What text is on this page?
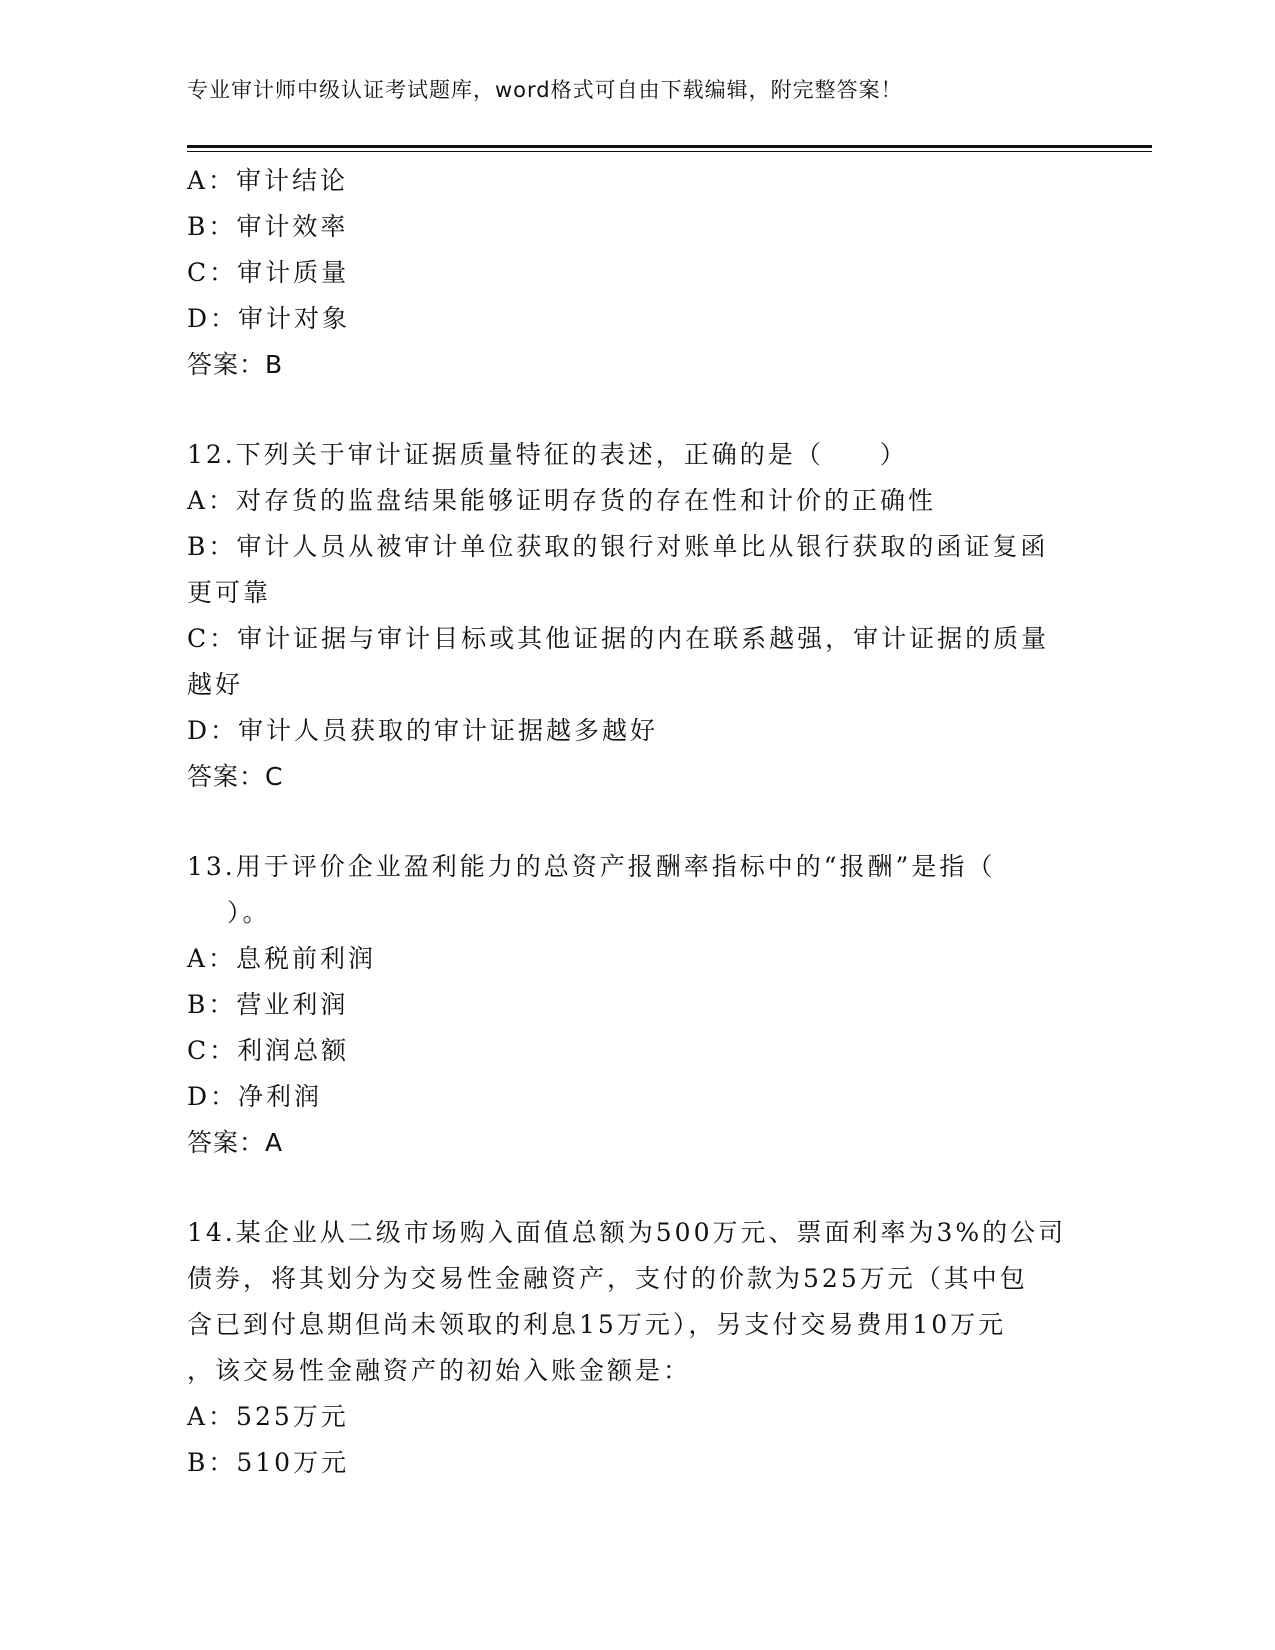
专业审计师中级认证考试题库，word格式可自由下载编辑，附完整答案！
A：审计结论
B：审计效率
C：审计质量
D：审计对象
答案：B
12.下列关于审计证据质量特征的表述，正确的是（　　）
A：对存货的监盘结果能够证明存货的存在性和计价的正确性
B：审计人员从被审计单位获取的银行对账单比从银行获取的函证复函
更可靠
C：审计证据与审计目标或其他证据的内在联系越强，审计证据的质量
越好
D：审计人员获取的审计证据越多越好
答案：C
13.用于评价企业盈利能力的总资产报酬率指标中的“报酬”是指（
）。
A：息税前利润
B：营业利润
C：利润总额
D：净利润
答案：A
14.某企业从二级市场购入面值总额为500万元、票面利率为3%的公司
债券，将其划分为交易性金融资产，支付的价款为525万元（其中包
含已到付息期但尚未领取的利息15万元），另支付交易费用10万元
，该交易性金融资产的初始入账金额是：
A：525万元
B：510万元
